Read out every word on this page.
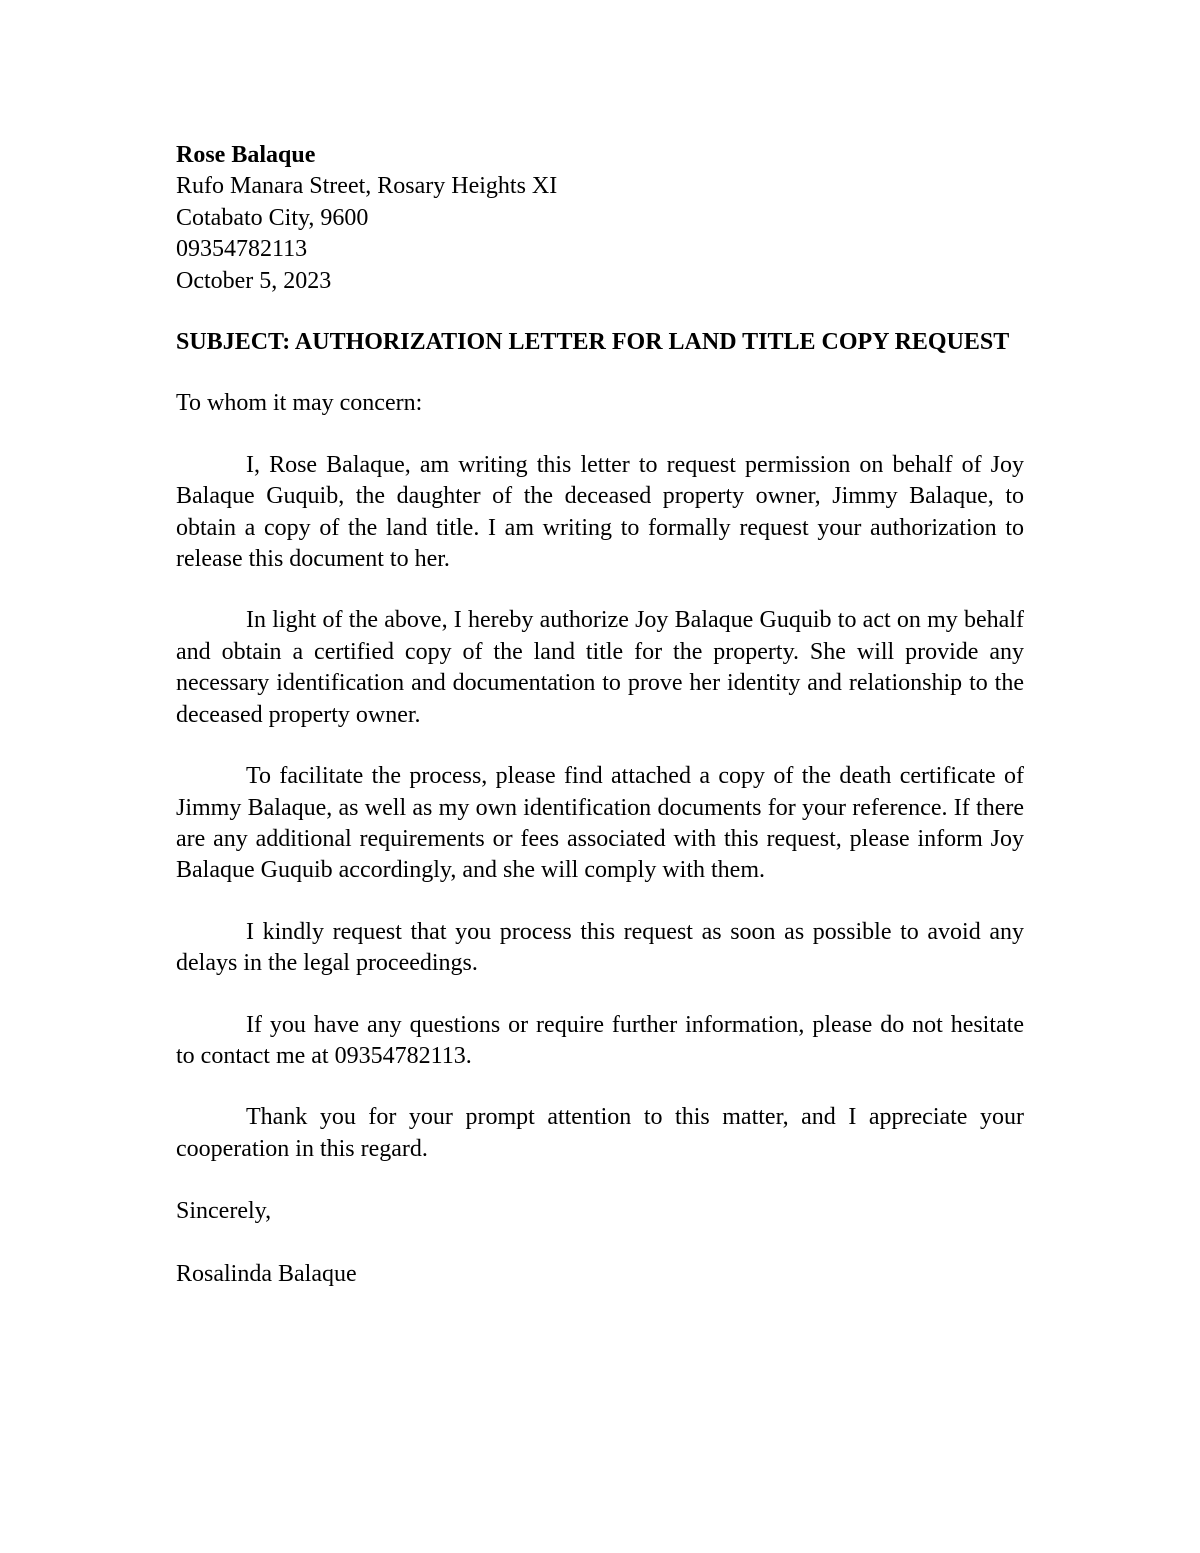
Rose Balaque
Rufo Manara Street, Rosary Heights XI
Cotabato City, 9600
09354782113
October 5, 2023

SUBJECT: AUTHORIZATION LETTER FOR LAND TITLE COPY REQUEST

To whom it may concern:

I, Rose Balaque, am writing this letter to request permission on behalf of Joy Balaque Guquib, the daughter of the deceased property owner, Jimmy Balaque, to obtain a copy of the land title. I am writing to formally request your authorization to release this document to her.

In light of the above, I hereby authorize Joy Balaque Guquib to act on my behalf and obtain a certified copy of the land title for the property. She will provide any necessary identification and documentation to prove her identity and relationship to the deceased property owner.

To facilitate the process, please find attached a copy of the death certificate of Jimmy Balaque, as well as my own identification documents for your reference. If there are any additional requirements or fees associated with this request, please inform Joy Balaque Guquib accordingly, and she will comply with them.

I kindly request that you process this request as soon as possible to avoid any delays in the legal proceedings.

If you have any questions or require further information, please do not hesitate to contact me at 09354782113.

Thank you for your prompt attention to this matter, and I appreciate your cooperation in this regard.

Sincerely,

Rosalinda Balaque
